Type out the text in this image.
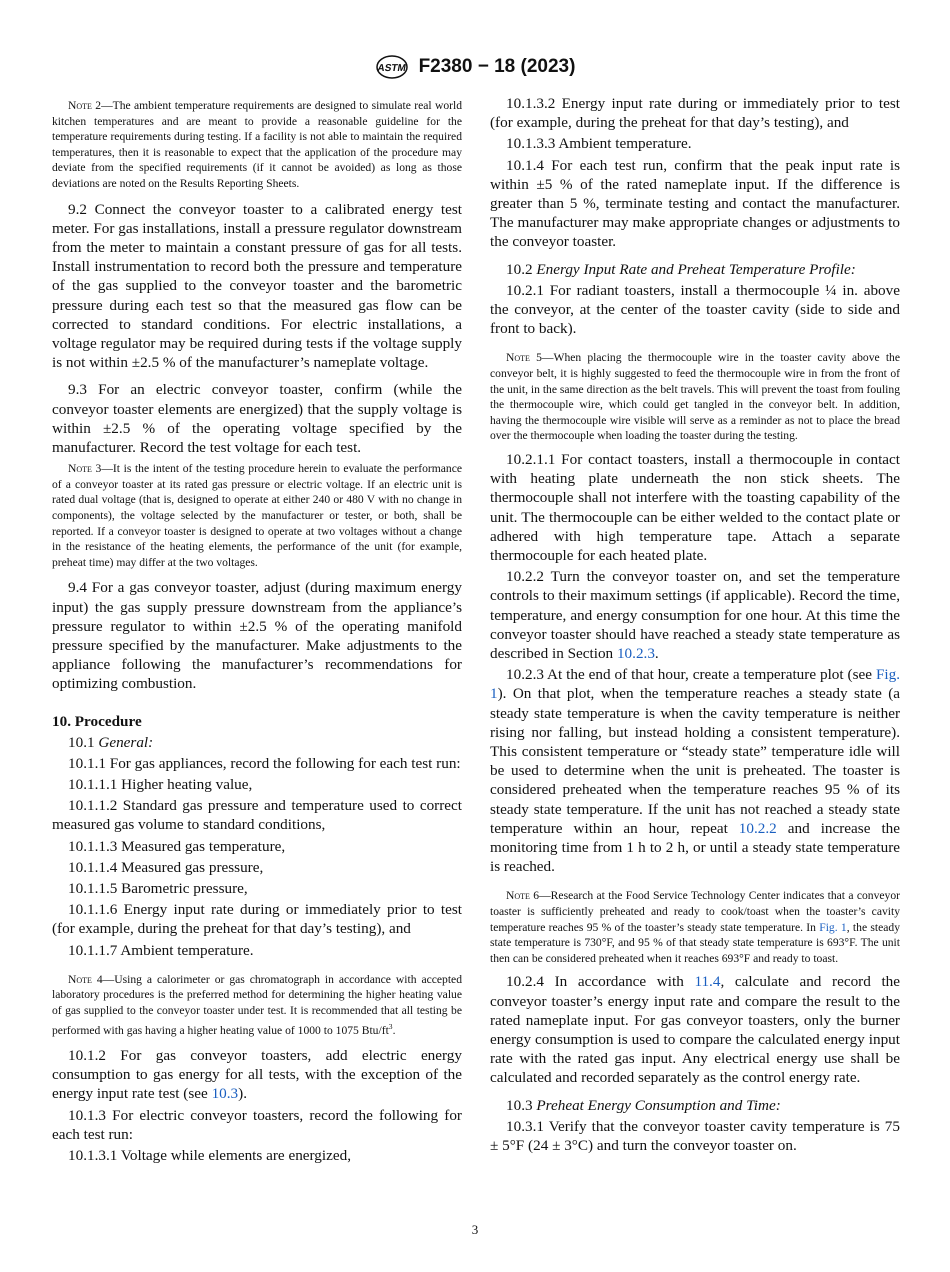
ASTM F2380 − 18 (2023)

Note 2—The ambient temperature requirements are designed to simulate real world kitchen temperatures and are meant to provide a reasonable guideline for the temperature requirements during testing. If a facility is not able to maintain the required temperatures, then it is reasonable to expect that the application of the procedure may deviate from the specified requirements (if it cannot be avoided) as long as those deviations are noted on the Results Reporting Sheets.

9.2 Connect the conveyor toaster to a calibrated energy test meter. For gas installations, install a pressure regulator downstream from the meter to maintain a constant pressure of gas for all tests. Install instrumentation to record both the pressure and temperature of the gas supplied to the conveyor toaster and the barometric pressure during each test so that the measured gas flow can be corrected to standard conditions. For electric installations, a voltage regulator may be required during tests if the voltage supply is not within ±2.5 % of the manufacturer’s nameplate voltage.

9.3 For an electric conveyor toaster, confirm (while the conveyor toaster elements are energized) that the supply voltage is within ±2.5 % of the operating voltage specified by the manufacturer. Record the test voltage for each test.

Note 3—It is the intent of the testing procedure herein to evaluate the performance of a conveyor toaster at its rated gas pressure or electric voltage. If an electric unit is rated dual voltage (that is, designed to operate at either 240 or 480 V with no change in components), the voltage selected by the manufacturer or tester, or both, shall be reported. If a conveyor toaster is designed to operate at two voltages without a change in the resistance of the heating elements, the performance of the unit (for example, preheat time) may differ at the two voltages.

9.4 For a gas conveyor toaster, adjust (during maximum energy input) the gas supply pressure downstream from the appliance’s pressure regulator to within ±2.5 % of the operating manifold pressure specified by the manufacturer. Make adjustments to the appliance following the manufacturer’s recommendations for optimizing combustion.

10. Procedure

10.1 General:

10.1.1 For gas appliances, record the following for each test run:

10.1.1.1 Higher heating value,

10.1.1.2 Standard gas pressure and temperature used to correct measured gas volume to standard conditions,

10.1.1.3 Measured gas temperature,

10.1.1.4 Measured gas pressure,

10.1.1.5 Barometric pressure,

10.1.1.6 Energy input rate during or immediately prior to test (for example, during the preheat for that day’s testing), and

10.1.1.7 Ambient temperature.

Note 4—Using a calorimeter or gas chromatograph in accordance with accepted laboratory procedures is the preferred method for determining the higher heating value of gas supplied to the conveyor toaster under test. It is recommended that all testing be performed with gas having a higher heating value of 1000 to 1075 Btu/$ft^3$.

10.1.2 For gas conveyor toasters, add electric energy consumption to gas energy for all tests, with the exception of the energy input rate test (see 10.3).

10.1.3 For electric conveyor toasters, record the following for each test run:

10.1.3.1 Voltage while elements are energized,

10.1.3.2 Energy input rate during or immediately prior to test (for example, during the preheat for that day’s testing), and

10.1.3.3 Ambient temperature.

10.1.4 For each test run, confirm that the peak input rate is within ±5 % of the rated nameplate input. If the difference is greater than 5 %, terminate testing and contact the manufacturer. The manufacturer may make appropriate changes or adjustments to the conveyor toaster.

10.2 Energy Input Rate and Preheat Temperature Profile:

10.2.1 For radiant toasters, install a thermocouple ¼ in. above the conveyor, at the center of the toaster cavity (side to side and front to back).

Note 5—When placing the thermocouple wire in the toaster cavity above the conveyor belt, it is highly suggested to feed the thermocouple wire in from the front of the unit, in the same direction as the belt travels. This will prevent the toast from fouling the thermocouple wire, which could get tangled in the conveyor belt. In addition, having the thermocouple wire visible will serve as a reminder as not to place the bread over the thermocouple when loading the toaster during the testing.

10.2.1.1 For contact toasters, install a thermocouple in contact with heating plate underneath the non stick sheets. The thermocouple shall not interfere with the toasting capability of the unit. The thermocouple can be either welded to the contact plate or adhered with high temperature tape. Attach a separate thermocouple for each heated plate.

10.2.2 Turn the conveyor toaster on, and set the temperature controls to their maximum settings (if applicable). Record the time, temperature, and energy consumption for one hour. At this time the conveyor toaster should have reached a steady state temperature as described in Section 10.2.3.

10.2.3 At the end of that hour, create a temperature plot (see Fig. 1). On that plot, when the temperature reaches a steady state (a steady state temperature is when the cavity temperature is neither rising nor falling, but instead holding a consistent temperature). This consistent temperature or “steady state” temperature idle will be used to determine when the unit is preheated. The toaster is considered preheated when the temperature reaches 95 % of its steady state temperature. If the unit has not reached a steady state temperature within an hour, repeat 10.2.2 and increase the monitoring time from 1 h to 2 h, or until a steady state temperature is reached.

Note 6—Research at the Food Service Technology Center indicates that a conveyor toaster is sufficiently preheated and ready to cook/toast when the toaster’s cavity temperature reaches 95 % of the toaster’s steady state temperature. In Fig. 1, the steady state temperature is 730°F, and 95 % of that steady state temperature is 693°F. The unit then can be considered preheated when it reaches 693°F and ready to toast.

10.2.4 In accordance with 11.4, calculate and record the conveyor toaster’s energy input rate and compare the result to the rated nameplate input. For gas conveyor toasters, only the burner energy consumption is used to compare the calculated energy input rate with the rated gas input. Any electrical energy use shall be calculated and recorded separately as the control energy rate.

10.3 Preheat Energy Consumption and Time:

10.3.1 Verify that the conveyor toaster cavity temperature is 75 ± 5°F (24 ± 3°C) and turn the conveyor toaster on.

3
